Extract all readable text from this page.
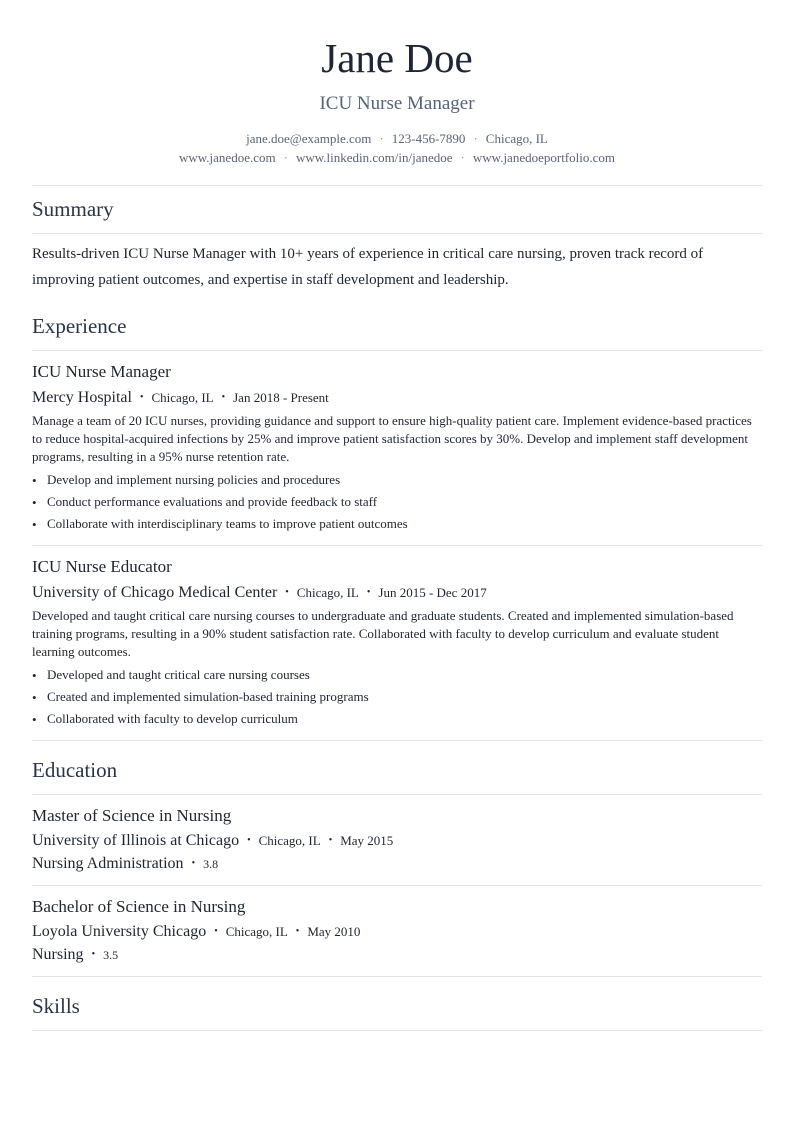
Jane Doe
ICU Nurse Manager
jane.doe@example.com · 123-456-7890 · Chicago, IL
www.janedoe.com · www.linkedin.com/in/janedoe · www.janedoeportfolio.com
Summary
Results-driven ICU Nurse Manager with 10+ years of experience in critical care nursing, proven track record of improving patient outcomes, and expertise in staff development and leadership.
Experience
ICU Nurse Manager
Mercy Hospital • Chicago, IL • Jan 2018 - Present
Manage a team of 20 ICU nurses, providing guidance and support to ensure high-quality patient care. Implement evidence-based practices to reduce hospital-acquired infections by 25% and improve patient satisfaction scores by 30%. Develop and implement staff development programs, resulting in a 95% nurse retention rate.
• Develop and implement nursing policies and procedures
• Conduct performance evaluations and provide feedback to staff
• Collaborate with interdisciplinary teams to improve patient outcomes
ICU Nurse Educator
University of Chicago Medical Center • Chicago, IL • Jun 2015 - Dec 2017
Developed and taught critical care nursing courses to undergraduate and graduate students. Created and implemented simulation-based training programs, resulting in a 90% student satisfaction rate. Collaborated with faculty to develop curriculum and evaluate student learning outcomes.
• Developed and taught critical care nursing courses
• Created and implemented simulation-based training programs
• Collaborated with faculty to develop curriculum
Education
Master of Science in Nursing
University of Illinois at Chicago • Chicago, IL • May 2015
Nursing Administration • 3.8
Bachelor of Science in Nursing
Loyola University Chicago • Chicago, IL • May 2010
Nursing • 3.5
Skills
